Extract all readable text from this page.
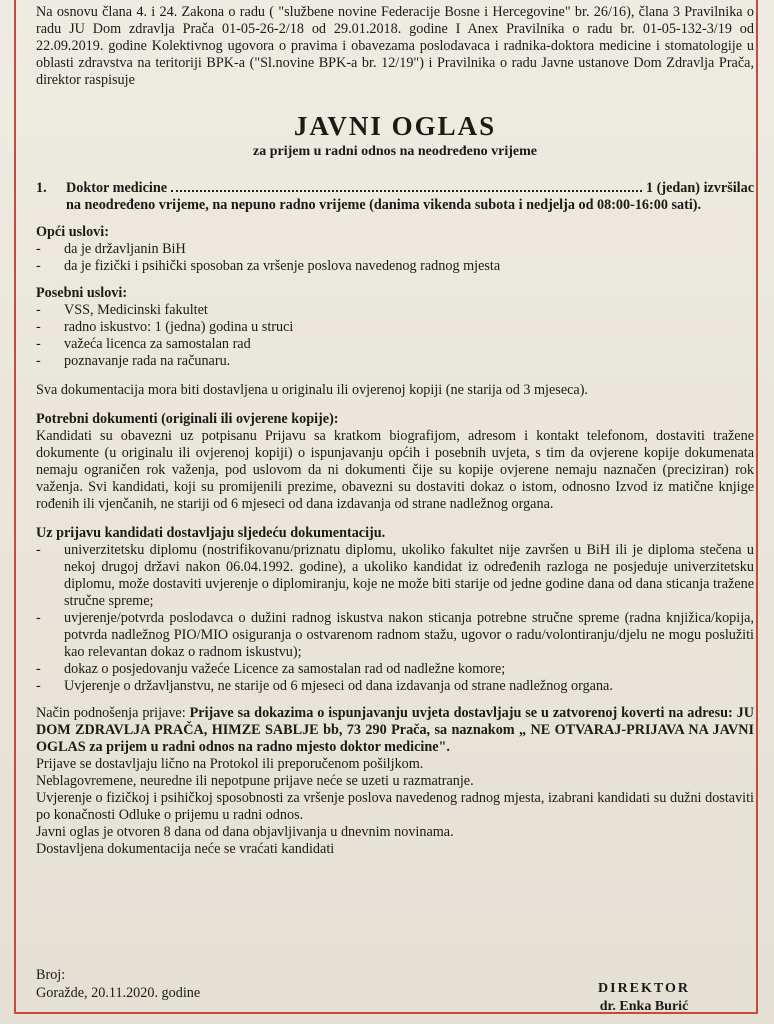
Na osnovu člana 4. i 24. Zakona o radu ( "službene novine Federacije Bosne i Hercegovine" br. 26/16), člana 3 Pravilnika o radu JU Dom zdravlja Prača 01-05-26-2/18 od 29.01.2018. godine I Anex Pravilnika o radu br. 01-05-132-3/19 od 22.09.2019. godine Kolektivnog ugovora o pravima i obavezama poslodavaca i radnika-doktora medicine i stomatologije u oblasti zdravstva na teritoriji BPK-a ("Sl.novine BPK-a br. 12/19") i Pravilnika o radu Javne ustanove Dom Zdravlja Prača, direktor raspisuje

JAVNI OGLAS
za prijem u radni odnos na neodređeno vrijeme
1. Doktor medicine	1 (jedan) izvršilac
na neodređeno vrijeme, na nepuno radno vrijeme (danima vikenda subota i nedjelja od 08:00-16:00 sati).
Opći uslovi:
-	da je državljanin BiH
-	da je fizički i psihički sposoban za vršenje poslova navedenog radnog mjesta
Posebni uslovi:
-	VSS, Medicinski fakultet
-	radno iskustvo: 1 (jedna) godina u struci
-	važeća licenca za samostalan rad
-	poznavanje rada na računaru.

Sva dokumentacija mora biti dostavljena u originalu ili ovjerenoj kopiji (ne starija od 3 mjeseca).

Potrebni dokumenti (originali ili ovjerene kopije):

Kandidati su obavezni uz potpisanu Prijavu sa kratkom biografijom, adresom i kontakt telefonom, dostaviti tražene dokumente (u originalu ili ovjerenoj kopiji) o ispunjavanju općih i posebnih uvjeta, s tim da ovjerene kopije dokumenata nemaju ograničen rok važenja, pod uslovom da ni dokumenti čije su kopije ovjerene nemaju naznačen (preciziran) rok važenja. Svi kandidati, koji su promijenili prezime, obavezni su dostaviti dokaz o istom, odnosno Izvod iz matične knjige rođenih ili vjenčanih, ne stariji od 6 mjeseci od dana izdavanja od strane nadležnog organa.

Uz prijavu kandidati dostavljaju sljedeću dokumentaciju.
-	univerzitetsku diplomu (nostrifikovanu/priznatu diplomu, ukoliko fakultet nije završen u BiH ili je diploma stečena u nekoj drugoj državi nakon 06.04.1992. godine), a ukoliko kandidat iz određenih razloga ne posjeduje univerzitetsku diplomu, može dostaviti uvjerenje o diplomiranju, koje ne može biti starije od jedne godine dana od dana sticanja tražene stručne spreme;
-	uvjerenje/potvrda poslodavca o dužini radnog iskustva nakon sticanja potrebne stručne spreme (radna knjižica/kopija, potvrda nadležnog PIO/MIO osiguranja o ostvarenom radnom stažu, ugovor o radu/volontiranju/djelu ne mogu poslužiti kao relevantan dokaz o radnom iskustvu);
-	dokaz o posjedovanju važeće Licence za samostalan rad od nadležne komore;
-	Uvjerenje o državljanstvu, ne starije od 6 mjeseci od dana izdavanja od strane nadležnog organa.

Način podnošenja prijave: Prijave sa dokazima o ispunjavanju uvjeta dostavljaju se u zatvorenoj koverti na adresu: JU DOM ZDRAVLJA PRAČA, HIMZE SABLJE bb, 73 290 Prača, sa naznakom „ NE OTVARAJ-PRIJAVA NA JAVNI OGLAS za prijem u radni odnos na radno mjesto doktor medicine".

Prijave se dostavljaju lično na Protokol ili preporučenom pošiljkom.

Neblagovremene, neuredne ili nepotpune prijave neće se uzeti u razmatranje.

Uvjerenje o fizičkoj i psihičkoj sposobnosti za vršenje poslova navedenog radnog mjesta, izabrani kandidati su dužni dostaviti po konačnosti Odluke o prijemu u radni odnos.

Javni oglas je otvoren 8 dana od dana objavljivanja u dnevnim novinama.

Dostavljena dokumentacija neće se vraćati kandidati

Broj:
Goražde, 20.11.2020. godine	DIREKTOR
dr. Enka Burić
